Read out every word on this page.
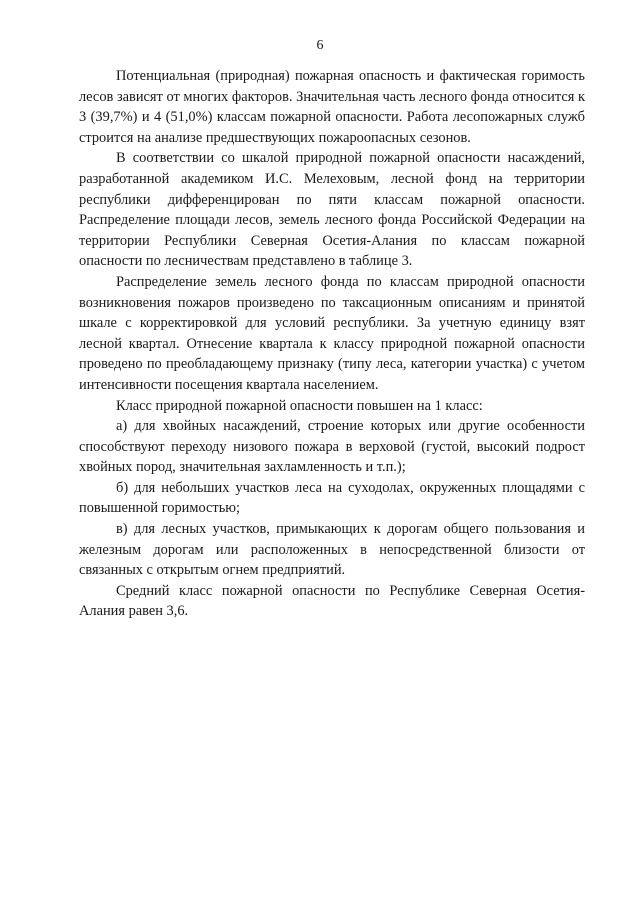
6

Потенциальная (природная) пожарная опасность и фактическая горимость лесов зависят от многих факторов. Значительная часть лесного фонда относится к 3 (39,7%) и 4 (51,0%) классам пожарной опасности. Работа лесопожарных служб строится на анализе предшествующих пожароопасных сезонов.

В соответствии со шкалой природной пожарной опасности насаждений, разработанной академиком И.С. Мелеховым, лесной фонд на территории республики дифференцирован по пяти классам пожарной опасности. Распределение площади лесов, земель лесного фонда Российской Федерации на территории Республики Северная Осетия-Алания по классам пожарной опасности по лесничествам представлено в таблице 3.

Распределение земель лесного фонда по классам природной опасности возникновения пожаров произведено по таксационным описаниям и принятой шкале с корректировкой для условий республики. За учетную единицу взят лесной квартал. Отнесение квартала к классу природной пожарной опасности проведено по преобладающему признаку (типу леса, категории участка) с учетом интенсивности посещения квартала населением.

Класс природной пожарной опасности повышен на 1 класс:

а) для хвойных насаждений, строение которых или другие особенности способствуют переходу низового пожара в верховой (густой, высокий подрост хвойных пород, значительная захламленность и т.п.);

б) для небольших участков леса на суходолах, окруженных площадями с повышенной горимостью;

в) для лесных участков, примыкающих к дорогам общего пользования и железным дорогам или расположенных в непосредственной близости от связанных с открытым огнем предприятий.

Средний класс пожарной опасности по Республике Северная Осетия-Алания равен 3,6.
